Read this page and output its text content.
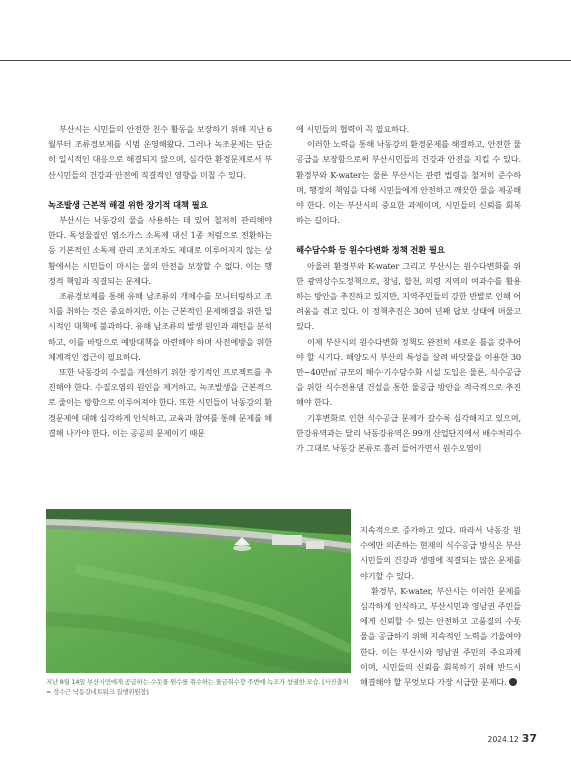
부산시는 시민들의 안전한 친수 활동을 보장하기 위해 지난 6월부터 조류경보제를 시범 운영해왔다. 그러나 녹조문제는 단순히 일시적인 대응으로 해결되지 않으며, 심각한 환경문제로서 부산시민들의 건강과 안전에 직결적인 영향을 미칠 수 있다.

녹조발생 근본적 해결 위한 장기적 대책 필요

부산시는 낙동강의 물을 사용하는 데 있어 철저히 관리해야 한다. 독성물질인 염소가스 소독제 대신 1종 처럼으로 전환하는 등 기본적인 소독제 관리 조치조차도 제대로 이루어지지 않는 상황에서는 시민들이 마시는 물의 안전을 보장할 수 없다. 이는 행정적 책임과 직결되는 문제다.

조류경보제를 통해 유해 남조류의 개체수를 모니터링하고 조치를 취하는 것은 중요하지만, 이는 근본적인 문제해결을 위한 일시적인 대책에 불과하다. 유해 남조류의 발생 원인과 패턴을 분석하고, 이를 바탕으로 예방대책을 마련해야 하며 사전예방을 위한 체계적인 접근이 필요하다.

또한 낙동강의 수질을 개선하기 위한 장기적인 프로젝트를 추진해야 한다. 수질오염의 원인을 제거하고, 녹조발생을 근본적으로 줄이는 방향으로 이루어져야 한다. 또한 시민들이 낙동강의 환경문제에 대해 심각하게 인식하고, 교육과 참여를 통해 문제를 해결해 나가야 한다. 이는 공공의 문제이기 때문

에 시민들의 협력이 꼭 필요하다.

이러한 노력을 통해 낙동강의 환경문제를 해결하고, 안전한 물공급을 보장함으로써 부산시민들의 건강과 안전을 지킬 수 있다. 환경부와 K-water는 물론 부산시는 관련 법령을 철저히 준수하며, 행정의 책임을 다해 시민들에게 안전하고 깨끗한 물을 제공해야 한다. 이는 부산시의 중요한 과제이며, 시민들의 신뢰를 회복하는 길이다.

해수담수화 등 원수다변화 정책 전환 필요

아울러 환경부와 K-water 그리고 부산시는 원수다변화를 위한 광역상수도정책으로, 창녕, 합천, 의령 지역의 여과수를 활용하는 방안을 추진하고 있지만, 지역주민들의 강한 반발로 인해 어려움을 겪고 있다. 이 정책추진은 30여 년째 답보 상태에 머물고 있다.

이제 부산시의 원수다변화 정책도 완전히 새로운 틀을 갖추어야 할 시기다. 해양도시 부산의 특성을 살려 바닷물을 이용한 30만~40만㎥ 규모의 해수·기수담수화 시설 도입은 물론, 식수공급을 위한 식수전용댐 건설을 통한 물공급 방안을 적극적으로 추진해야 한다.

기후변화로 인한 식수공급 문제가 갈수록 심각해지고 있으며, 한강유역과는 달리 낙동강유역은 99개 산업단지에서 배수처리수가 그대로 낙동강 본류로 흘러 들어가면서 원수오염이

지속적으로 증가하고 있다. 따라서 낙동강 원수에만 의존하는 현재의 식수공급 방식은 부산시민들의 건강과 생명에 직결되는 많은 문제를 야기할 수 있다.

환경부, K-water, 부산시는 이러한 문제를 심각하게 인식하고, 부산시민과 영남권 주민들에게 신뢰할 수 있는 안전하고 고품질의 수돗물을 공급하기 위해 지속적인 노력을 기울여야 한다. 이는 부산시와 영남권 주민의 주요과제이며, 시민들의 신뢰를 회복하기 위해 반드시 해결해야 할 무엇보다 가장 시급한 문제다.

지난 8월 14일 부산시민에게 공급하는 수돗물 원수를 취수하는 물금취수장 주변에 녹조가 창궐한 모습. [사진출처 = 정수근 낙동강네트워크 집행위원장]
2024.12 37
